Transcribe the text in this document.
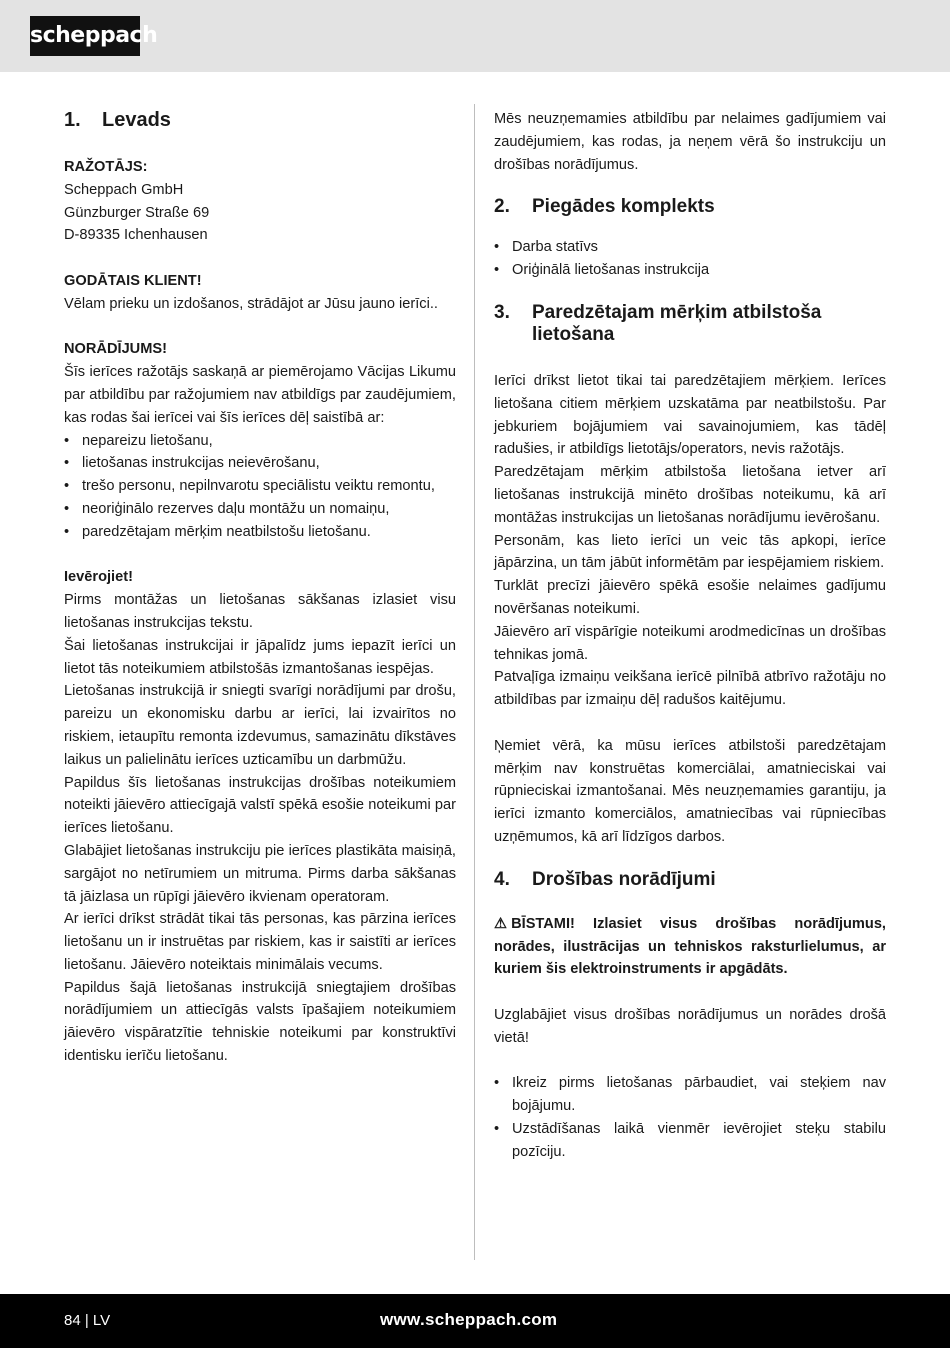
scheppach
1.	Levads

RAŽOTĀJS:

Scheppach GmbH

Günzburger Straße 69

D-89335 Ichenhausen

GODĀTAIS KLIENT!

Vēlam prieku un izdošanos, strādājot ar Jūsu jauno ierīci..

NORĀDĪJUMS!

Šīs ierīces ražotājs saskaņā ar piemērojamo Vācijas Likumu par atbildību par ražojumiem nav atbildīgs par zaudējumiem, kas rodas šai ierīcei vai šīs ierīces dēļ saistībā ar:

• nepareizu lietošanu,
• lietošanas instrukcijas neievērošanu,
• trešo personu, nepilnvarotu speciālistu veiktu remontu,
• neoriģinālo rezerves daļu montāžu un nomaiņu,
• paredzētajam mērķim neatbilstošu lietošanu.

Ievērojiet!

Pirms montāžas un lietošanas sākšanas izlasiet visu lietošanas instrukcijas tekstu.

Šai lietošanas instrukcijai ir jāpalīdz jums iepazīt ierīci un lietot tās noteikumiem atbilstošās izmantošanas iespējas.

Lietošanas instrukcijā ir sniegti svarīgi norādījumi par drošu, pareizu un ekonomisku darbu ar ierīci, lai izvairītos no riskiem, ietaupītu remonta izdevumus, samazinātu dīkstāves laikus un palielinātu ierīces uzticamību un darbmūžu.

Papildus šīs lietošanas instrukcijas drošības noteikumiem noteikti jāievēro attiecīgajā valstī spēkā esošie noteikumi par ierīces lietošanu.

Glabājiet lietošanas instrukciju pie ierīces plastikāta maisiņā, sargājot no netīrumiem un mitruma. Pirms darba sākšanas tā jāizlasa un rūpīgi jāievēro ikvienam operatoram.

Ar ierīci drīkst strādāt tikai tās personas, kas pārzina ierīces lietošanu un ir instruētas par riskiem, kas ir saistīti ar ierīces lietošanu. Jāievēro noteiktais minimālais vecums.

Papildus šajā lietošanas instrukcijā sniegtajiem drošības norādījumiem un attiecīgās valsts īpašajiem noteikumiem jāievēro vispāratzītie tehniskie noteikumi par konstruktīvi identisku ierīču lietošanu.

Mēs neuzņemamies atbildību par nelaimes gadījumiem vai zaudējumiem, kas rodas, ja neņem vērā šo instrukciju un drošības norādījumus.

2.	Piegādes komplekts
• Darba statīvs
• Oriģinālā lietošanas instrukcija
3.	Paredzētajam mērķim atbilstoša lietošana

Ierīci drīkst lietot tikai tai paredzētajiem mērķiem. Ierīces lietošana citiem mērķiem uzskatāma par neatbilstošu. Par jebkuriem bojājumiem vai savainojumiem, kas tādēļ radušies, ir atbildīgs lietotājs/operators, nevis ražotājs.

Paredzētajam mērķim atbilstoša lietošana ietver arī lietošanas instrukcijā minēto drošības noteikumu, kā arī montāžas instrukcijas un lietošanas norādījumu ievērošanu.

Personām, kas lieto ierīci un veic tās apkopi, ierīce jāpārzina, un tām jābūt informētām par iespējamiem riskiem.

Turklāt precīzi jāievēro spēkā esošie nelaimes gadījumu novēršanas noteikumi.

Jāievēro arī vispārīgie noteikumi arodmedicīnas un drošības tehnikas jomā.

Patvaļīga izmaiņu veikšana ierīcē pilnībā atbrīvo ražotāju no atbildības par izmaiņu dēļ radušos kaitējumu.

Ņemiet vērā, ka mūsu ierīces atbilstoši paredzētajam mērķim nav konstruētas komerciālai, amatnieciskai vai rūpnieciskai izmantošanai. Mēs neuzņemamies garantiju, ja ierīci izmanto komerciālos, amatniecības vai rūpniecības uzņēmumos, kā arī līdzīgos darbos.

4.	Drošības norādījumi

⚠ BĪSTAMI! Izlasiet visus drošības norādījumus, norādes, ilustrācijas un tehniskos raksturlielumus, ar kuriem šis elektroinstruments ir apgādāts.

Uzglabājiet visus drošības norādījumus un norādes drošā vietā!

• Ikreiz pirms lietošanas pārbaudiet, vai steķiem nav bojājumu.
• Uzstādīšanas laikā vienmēr ievērojiet steķu stabilu pozīciju.
84 | LV	www.scheppach.com
